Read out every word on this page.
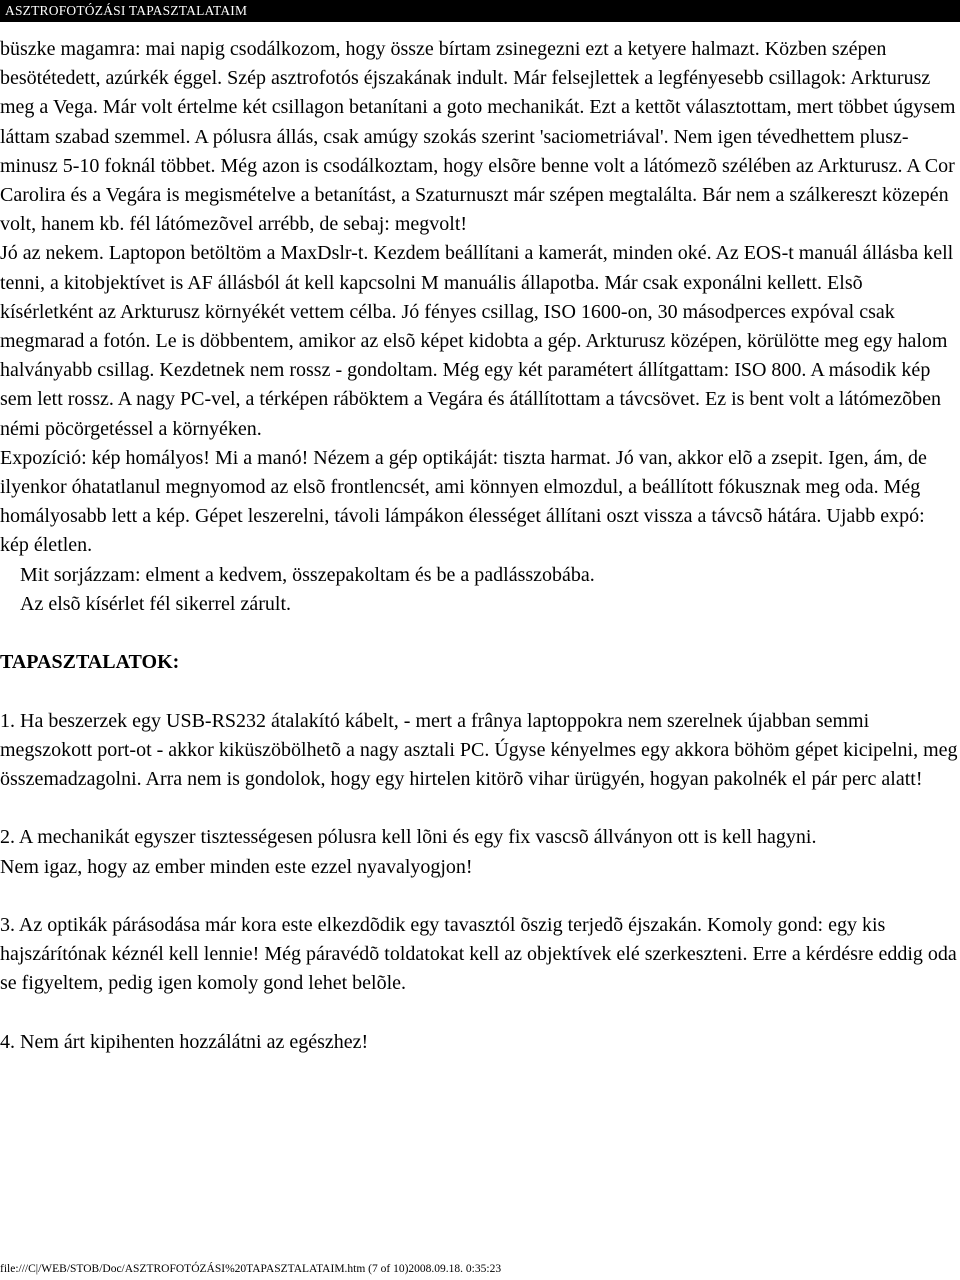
ASZTROFOTÓZÁSI TAPASZTALATAIM

büszke magamra: mai napig csodálkozom, hogy össze bírtam zsinegezni ezt a ketyere halmazt. Közben szépen besötétedett, azúrkék éggel. Szép asztrofotós éjszakának indult. Már felsejlettek a legfényesebb csillagok: Arkturusz meg a Vega. Már volt értelme két csillagon betanítani a goto mechanikát. Ezt a kettõt választottam, mert többet úgysem láttam szabad szemmel. A pólusra állás, csak amúgy szokás szerint 'saciometriával'. Nem igen tévedhettem plusz-minusz 5-10 foknál többet. Még azon is csodálkoztam, hogy elsõre benne volt a látómezõ szélében az Arkturusz. A Cor Carolira és a Vegára is megismételve a betanítást, a Szaturnuszt már szépen megtalálta. Bár nem a szálkereszt közepén volt, hanem kb. fél látómezõvel arrébb, de sebaj: megvolt!

Jó az nekem. Laptopon betöltöm a MaxDslr-t. Kezdem beállítani a kamerát, minden oké. Az EOS-t manuál állásba kell tenni, a kitobjektívet is AF állásból át kell kapcsolni M manuális állapotba. Már csak exponálni kellett. Elsõ kísérletként az Arkturusz környékét vettem célba. Jó fényes csillag, ISO 1600-on, 30 másodperces expóval csak megmarad a fotón. Le is döbbentem, amikor az elsõ képet kidobta a gép. Arkturusz középen, körülötte meg egy halom halványabb csillag. Kezdetnek nem rossz - gondoltam. Még egy két paramétert állítgattam: ISO 800. A második kép sem lett rossz. A nagy PC-vel, a térképen ráböktem a Vegára és átállítottam a távcsövet. Ez is bent volt a látómezõben némi pöcörgetéssel a környéken.

Expozíció: kép homályos! Mi a manó! Nézem a gép optikáját: tiszta harmat. Jó van, akkor elõ a zsepit. Igen, ám, de ilyenkor óhatatlanul megnyomod az elsõ frontlencsét, ami könnyen elmozdul, a beállított fókusznak meg oda. Még homályosabb lett a kép. Gépet leszerelni, távoli lámpákon élességet állítani oszt vissza a távcsõ hátára. Ujabb expó: kép életlen.

Mit sorjázzam: elment a kedvem, összepakoltam és be a padlásszobába.

Az elsõ kísérlet fél sikerrel zárult.

TAPASZTALATOK:

1. Ha beszerzek egy USB-RS232 átalakító kábelt, - mert a frânya laptoppokra nem szerelnek újabban semmi megszokott port-ot - akkor kiküszöbölhetõ a nagy asztali PC. Úgyse kényelmes egy akkora böhöm gépet kicipelni, meg összemadzagolni. Arra nem is gondolok, hogy egy hirtelen kitörõ vihar ürügyén, hogyan pakolnék el pár perc alatt!

2. A mechanikát egyszer tisztességesen pólusra kell lõni és egy fix vascsõ állványon ott is kell hagyni.

Nem igaz, hogy az ember minden este ezzel nyavalyogjon!

3. Az optikák párásodása már kora este elkezdõdik egy tavasztól õszig terjedõ éjszakán. Komoly gond: egy kis hajszárítónak kéznél kell lennie! Még páravédõ toldatokat kell az objektívek elé szerkeszteni. Erre a kérdésre eddig oda se figyeltem, pedig igen komoly gond lehet belõle.

4. Nem árt kipihenten hozzálátni az egészhez!

file:///C|/WEB/STOB/Doc/ASZTROFOTÓZÁSI%20TAPASZTALATAIM.htm (7 of 10)2008.09.18. 0:35:23
